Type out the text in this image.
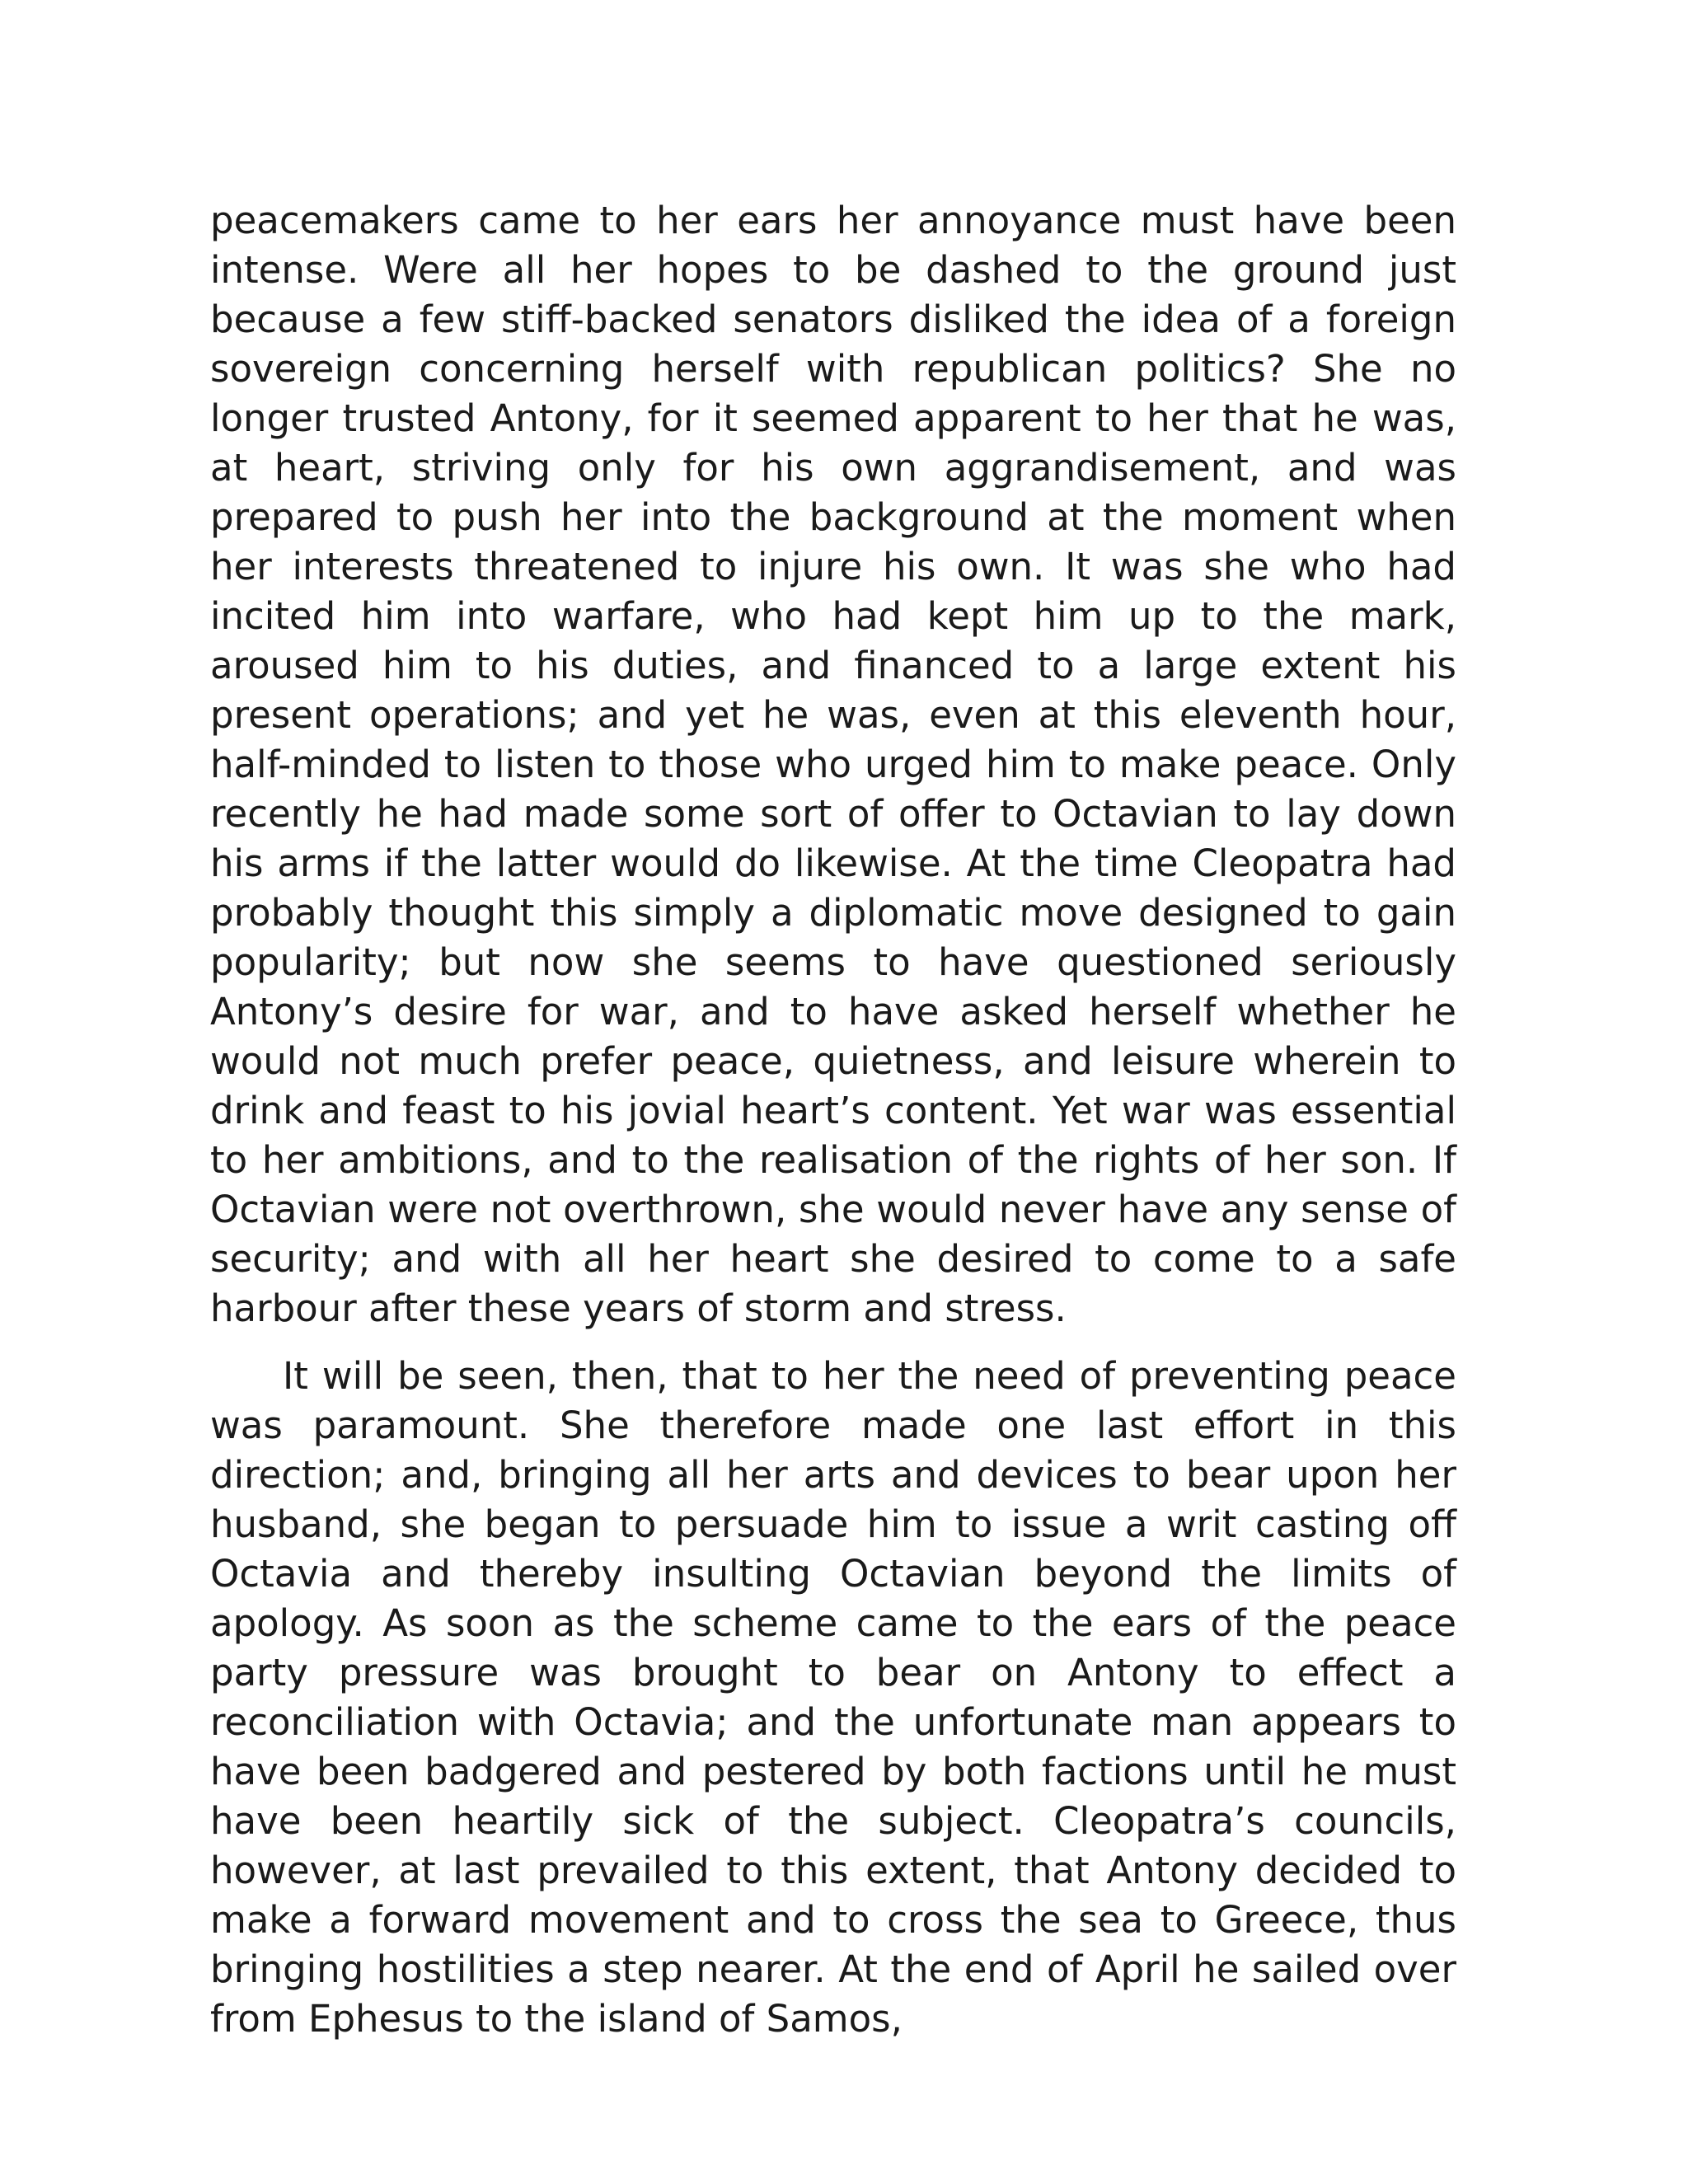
peacemakers came to her ears her annoyance must have been intense. Were all her hopes to be dashed to the ground just because a few stiff-backed senators disliked the idea of a foreign sovereign concerning herself with republican politics? She no longer trusted Antony, for it seemed apparent to her that he was, at heart, striving only for his own aggrandisement, and was prepared to push her into the background at the moment when her interests threatened to injure his own. It was she who had incited him into warfare, who had kept him up to the mark, aroused him to his duties, and financed to a large extent his present operations; and yet he was, even at this eleventh hour, half-minded to listen to those who urged him to make peace. Only recently he had made some sort of offer to Octavian to lay down his arms if the latter would do likewise. At the time Cleopatra had probably thought this simply a diplomatic move designed to gain popularity; but now she seems to have questioned seriously Antony’s desire for war, and to have asked herself whether he would not much prefer peace, quietness, and leisure wherein to drink and feast to his jovial heart’s content. Yet war was essential to her ambitions, and to the realisation of the rights of her son. If Octavian were not overthrown, she would never have any sense of security; and with all her heart she desired to come to a safe harbour after these years of storm and stress.

It will be seen, then, that to her the need of preventing peace was paramount. She therefore made one last effort in this direction; and, bringing all her arts and devices to bear upon her husband, she began to persuade him to issue a writ casting off Octavia and thereby insulting Octavian beyond the limits of apology. As soon as the scheme came to the ears of the peace party pressure was brought to bear on Antony to effect a reconciliation with Octavia; and the unfortunate man appears to have been badgered and pestered by both factions until he must have been heartily sick of the subject. Cleopatra’s councils, however, at last prevailed to this extent, that Antony decided to make a forward movement and to cross the sea to Greece, thus bringing hostilities a step nearer. At the end of April he sailed over from Ephesus to the island of Samos,
